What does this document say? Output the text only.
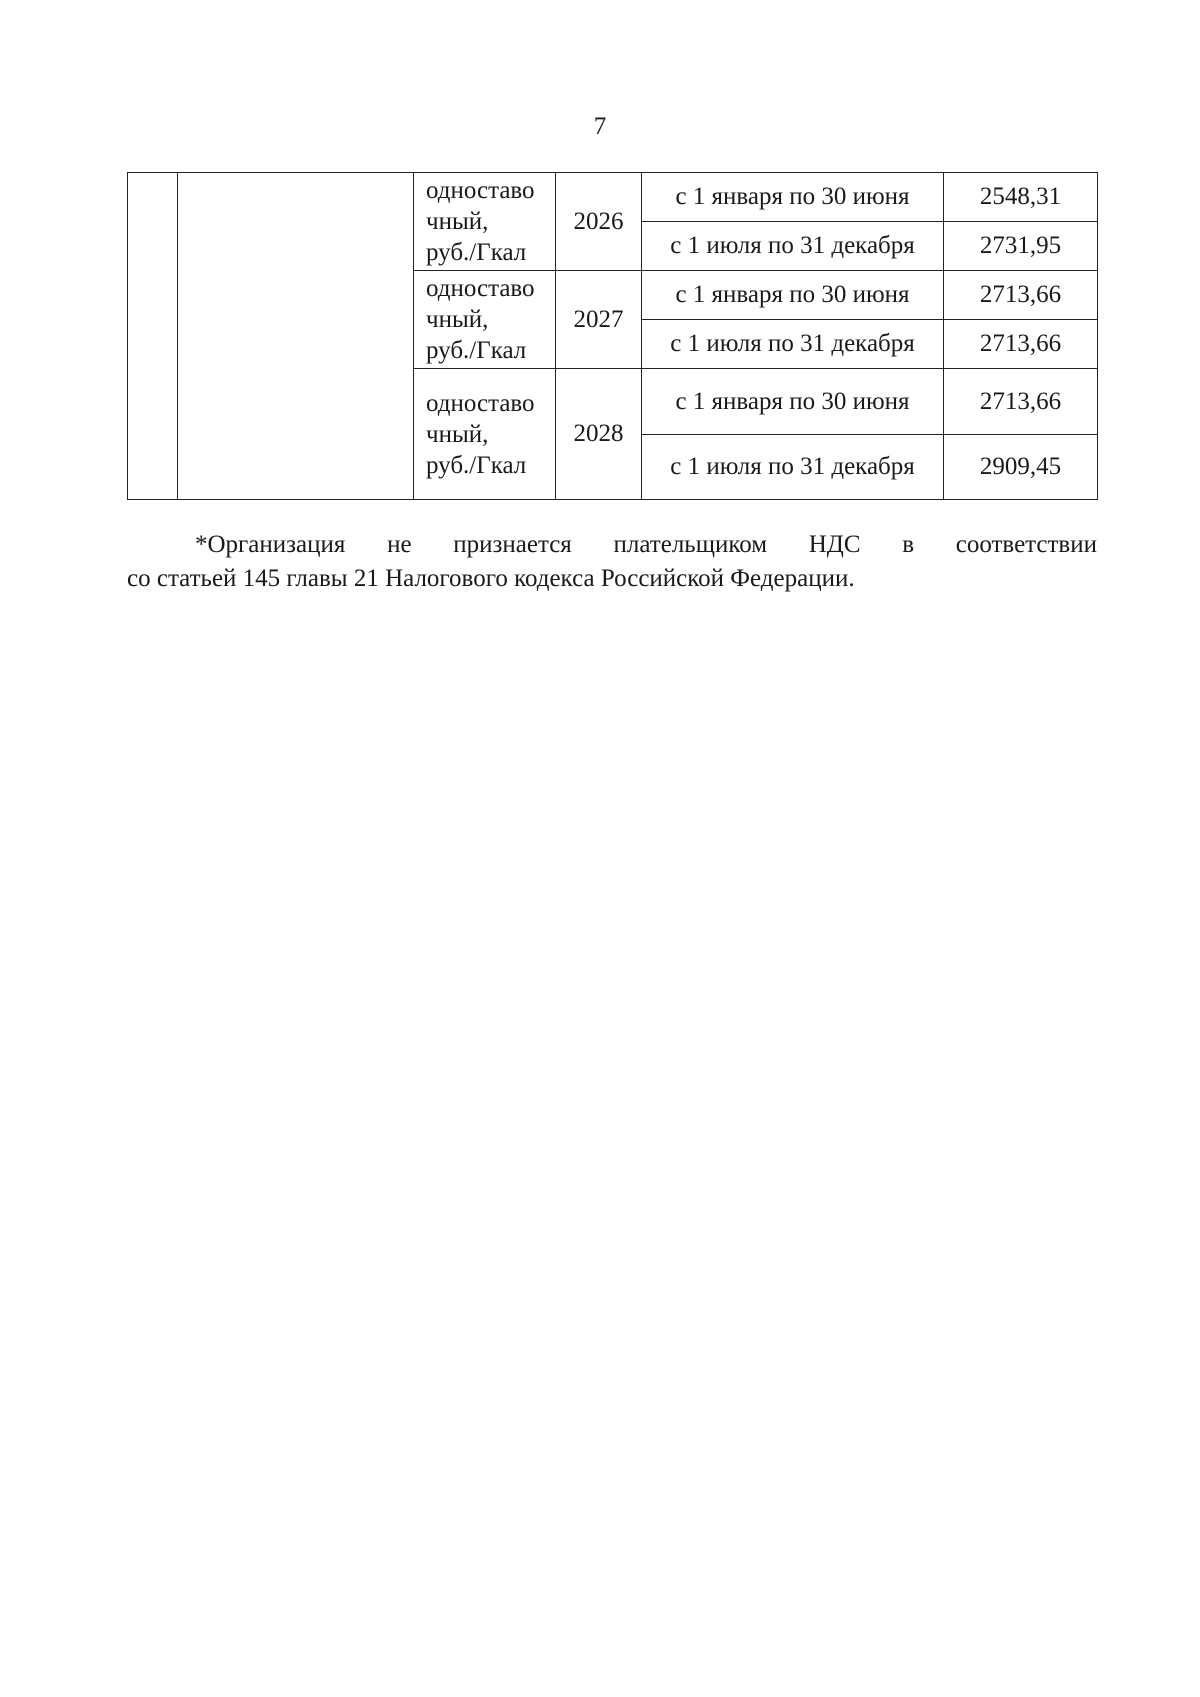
7

		одноставо
чный,
руб./Гкал	2026	с 1 января по 30 июня	2548,31
				с 1 июля по 31 декабря	2731,95

		одноставо
чный,
руб./Гкал	2027	с 1 января по 30 июня	2713,66
				с 1 июля по 31 декабря	2713,66

		одноставо
чный,
руб./Гкал	2028	с 1 января по 30 июня	2713,66
				с 1 июля по 31 декабря	2909,45
*Организация не признается плательщиком НДС в соответствии
со статьей 145 главы 21 Налогового кодекса Российской Федерации.
